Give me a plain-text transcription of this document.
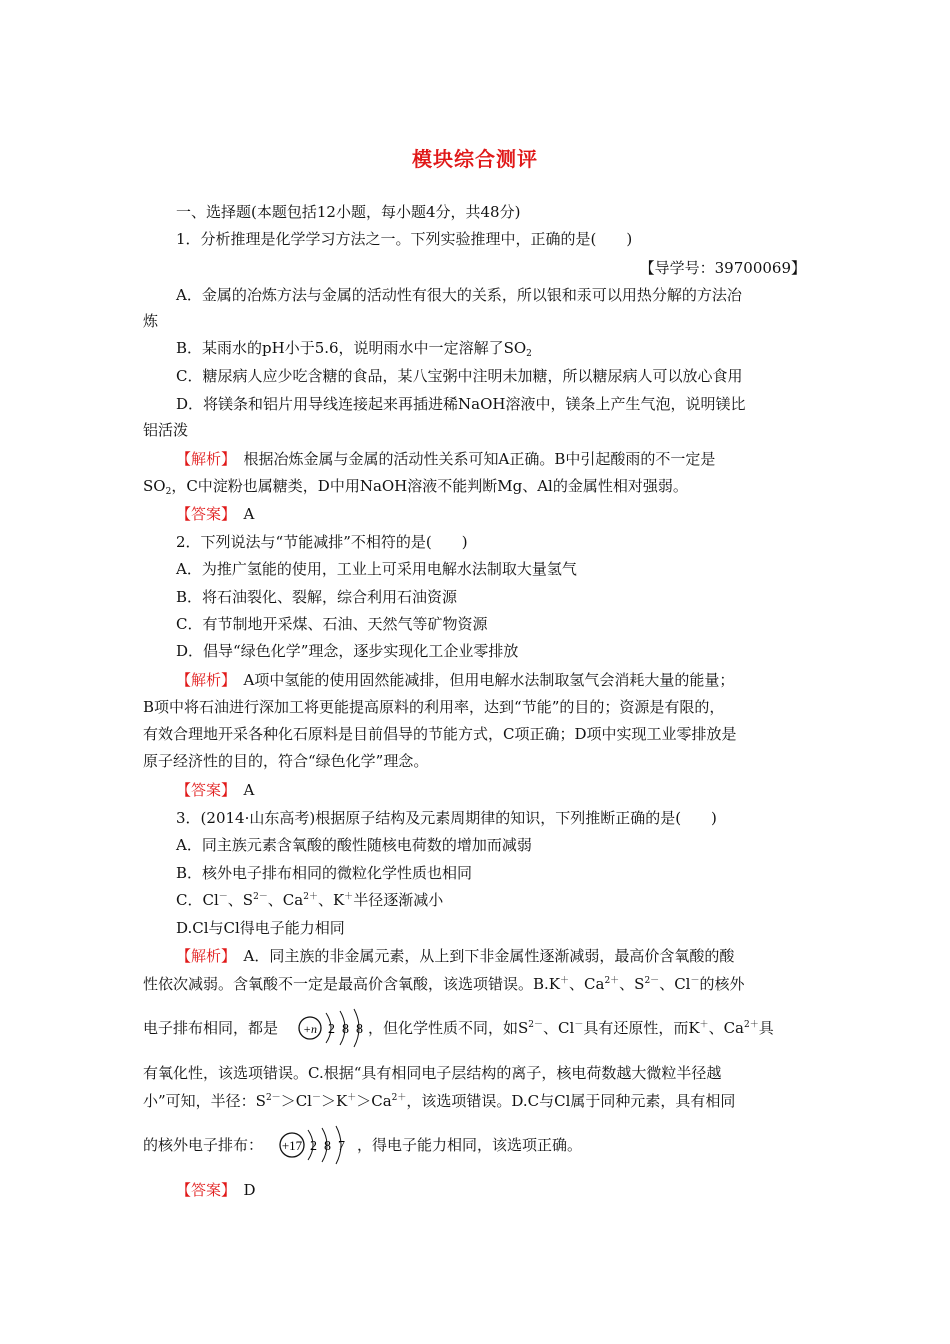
模块综合测评
一、选择题(本题包括12小题，每小题4分，共48分)
1．分析推理是化学学习方法之一。下列实验推理中，正确的是(　　)
【导学号：39700069】
A．金属的冶炼方法与金属的活动性有很大的关系，所以银和汞可以用热分解的方法冶
炼
B．某雨水的pH小于5.6，说明雨水中一定溶解了$SO_2$
C．糖尿病人应少吃含糖的食品，某八宝粥中注明未加糖，所以糖尿病人可以放心食用
D．将镁条和铝片用导线连接起来再插进稀NaOH溶液中，镁条上产生气泡，说明镁比
铝活泼
【解析】　 根据冶炼金属与金属的活动性关系可知A正确。B中引起酸雨的不一定是
$SO_2$，C中淀粉也属糖类，D中用NaOH溶液不能判断Mg、Al的金属性相对强弱。
【答案】　 A
2．下列说法与“节能减排”不相符的是(　　)
A．为推广氢能的使用，工业上可采用电解水法制取大量氢气
B．将石油裂化、裂解，综合利用石油资源
C．有节制地开采煤、石油、天然气等矿物资源
D．倡导“绿色化学”理念，逐步实现化工企业零排放
【解析】　 A项中氢能的使用固然能减排，但用电解水法制取氢气会消耗大量的能量；
B项中将石油进行深加工将更能提高原料的利用率，达到“节能”的目的；资源是有限的，
有效合理地开采各种化石原料是目前倡导的节能方式，C项正确；D项中实现工业零排放是
原子经济性的目的，符合“绿色化学”理念。
【答案】　 A
3．(2014·山东高考)根据原子结构及元素周期律的知识，下列推断正确的是(　　)
A．同主族元素含氧酸的酸性随核电荷数的增加而减弱
B．核外电子排布相同的微粒化学性质也相同
C．Cl－、$S^{2-}$、$Ca^{2+}$、K＋半径逐渐减小
D.Cl与Cl得电子能力相同
【解析】　 A．同主族的非金属元素，从上到下非金属性逐渐减弱，最高价含氧酸的酸
性依次减弱。含氧酸不一定是最高价含氧酸，该选项错误。B.K＋、$Ca^{2+}$、$S^{2-}$、Cl－的核外
电子排布相同，都是	，但化学性质不同，如$S^{2-}$、Cl－具有还原性，而K＋、$Ca^{2+}$具
+n 2 8 8
有氧化性，该选项错误。C.根据“具有相同电子层结构的离子，核电荷数越大微粒半径越
小”可知，半径：$S^{2-}>Cl^->K^+>Ca^{2+}$，该选项错误。D.C与Cl属于同种元素，具有相同
的核外电子排布：	，得电子能力相同，该选项正确。
+17 2 8 7
【答案】　 D
